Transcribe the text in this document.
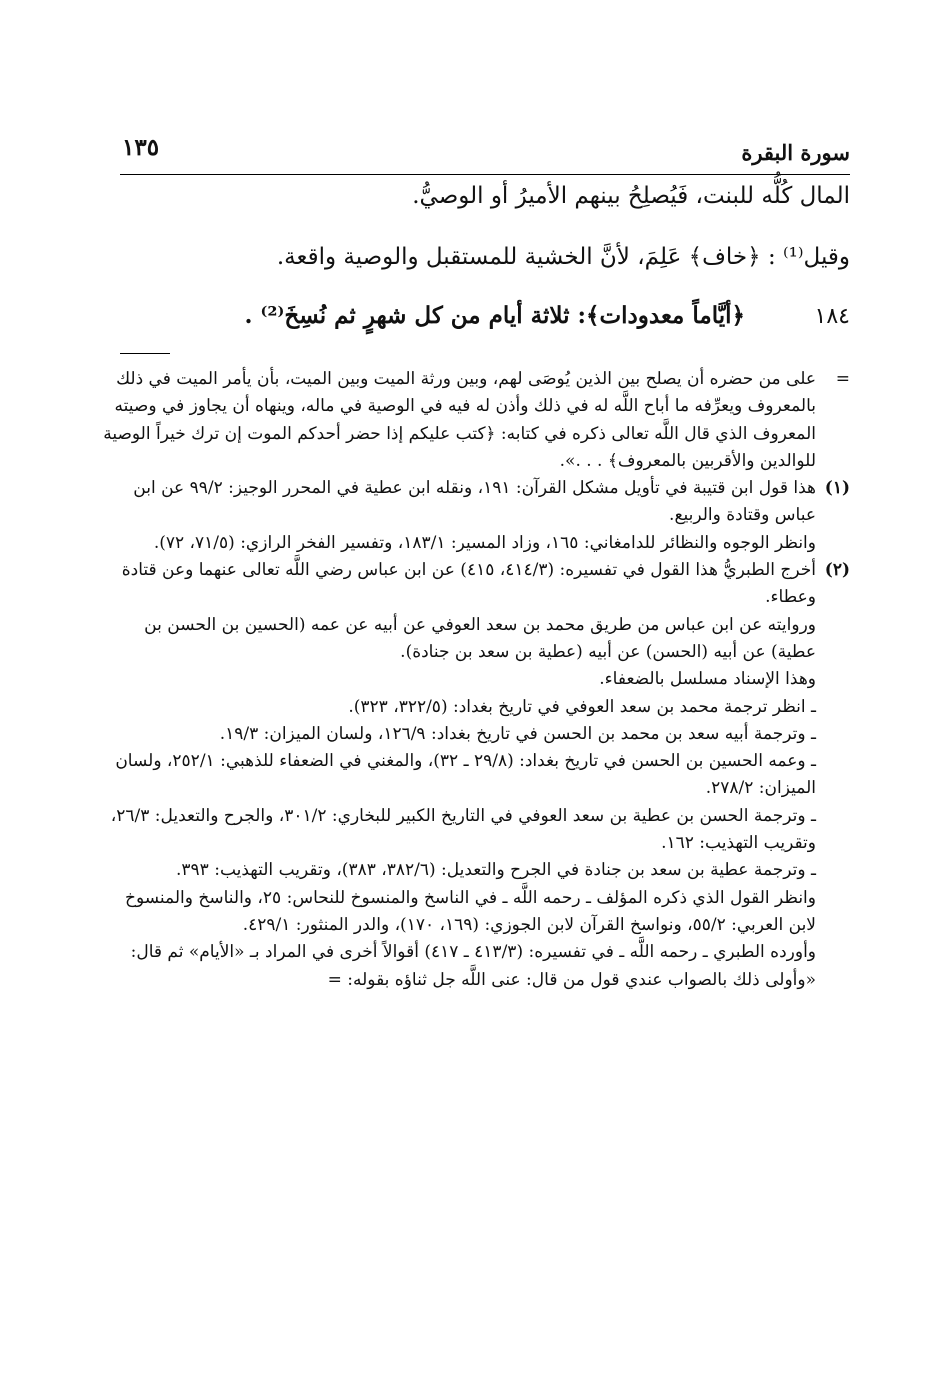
سورة البقرة
١٣٥
المال كُلُّه للبنت، فَيُصلِحُ بينهم الأميرُ أو الوصيُّ.
وقيل⁽¹⁾ : ﴿خاف﴾ عَلِمَ، لأنَّ الخشية للمستقبل والوصية واقعة.
﴿أيَّاماً معدودات﴾: ثلاثة أيام من كل شهرٍ ثم نُسِخَ⁽²⁾ .	١٨٤

=
على من حضره أن يصلح بين الذين يُوصَى لهم، وبين ورثة الميت وبين الميت، بأن يأمر الميت في ذلك بالمعروف ويعرِّفه ما أباح اللَّه له في ذلك وأذن له فيه في الوصية في ماله، وينهاه أن يجاوز في وصيته المعروف الذي قال اللَّه تعالى ذكره في كتابه: ﴿كتب عليكم إذا حضر أحدكم الموت إن ترك خيراً الوصية للوالدين والأقربين بالمعروف﴾ . . .».

(١)
هذا قول ابن قتيبة في تأويل مشكل القرآن: ١٩١، ونقله ابن عطية في المحرر الوجيز: ٩٩/٢ عن ابن عباس وقتادة والربيع.

وانظر الوجوه والنظائر للدامغاني: ١٦٥، وزاد المسير: ١٨٣/١، وتفسير الفخر الرازي: (٧١/٥، ٧٢).

(٢)
أخرج الطبريُّ هذا القول في تفسيره: (٤١٤/٣، ٤١٥) عن ابن عباس رضي اللَّه تعالى عنهما وعن قتادة وعطاء.

وروايته عن ابن عباس من طريق محمد بن سعد العوفي عن أبيه عن عمه (الحسين بن الحسن بن عطية) عن أبيه (الحسن) عن أبيه (عطية بن سعد بن جنادة).

وهذا الإسناد مسلسل بالضعفاء.

ـ انظر ترجمة محمد بن سعد العوفي في تاريخ بغداد: (٣٢٢/٥، ٣٢٣).

ـ وترجمة أبيه سعد بن محمد بن الحسن في تاريخ بغداد: ١٢٦/٩، ولسان الميزان: ١٩/٣.

ـ وعمه الحسين بن الحسن في تاريخ بغداد: (٢٩/٨ ـ ٣٢)، والمغني في الضعفاء للذهبي: ٢٥٢/١، ولسان الميزان: ٢٧٨/٢.

ـ وترجمة الحسن بن عطية بن سعد العوفي في التاريخ الكبير للبخاري: ٣٠١/٢، والجرح والتعديل: ٢٦/٣، وتقريب التهذيب: ١٦٢.

ـ وترجمة عطية بن سعد بن جنادة في الجرح والتعديل: (٣٨٢/٦، ٣٨٣)، وتقريب التهذيب: ٣٩٣.

وانظر القول الذي ذكره المؤلف ـ رحمه اللَّه ـ في الناسخ والمنسوخ للنحاس: ٢٥، والناسخ والمنسوخ لابن العربي: ٥٥/٢، ونواسخ القرآن لابن الجوزي: (١٦٩، ١٧٠)، والدر المنثور: ٤٢٩/١.

وأورده الطبري ـ رحمه اللَّه ـ في تفسيره: (٤١٣/٣ ـ ٤١٧) أقوالاً أخرى في المراد بـ «الأيام» ثم قال: «وأولى ذلك بالصواب عندي قول من قال: عنى اللَّه جل ثناؤه بقوله: =
